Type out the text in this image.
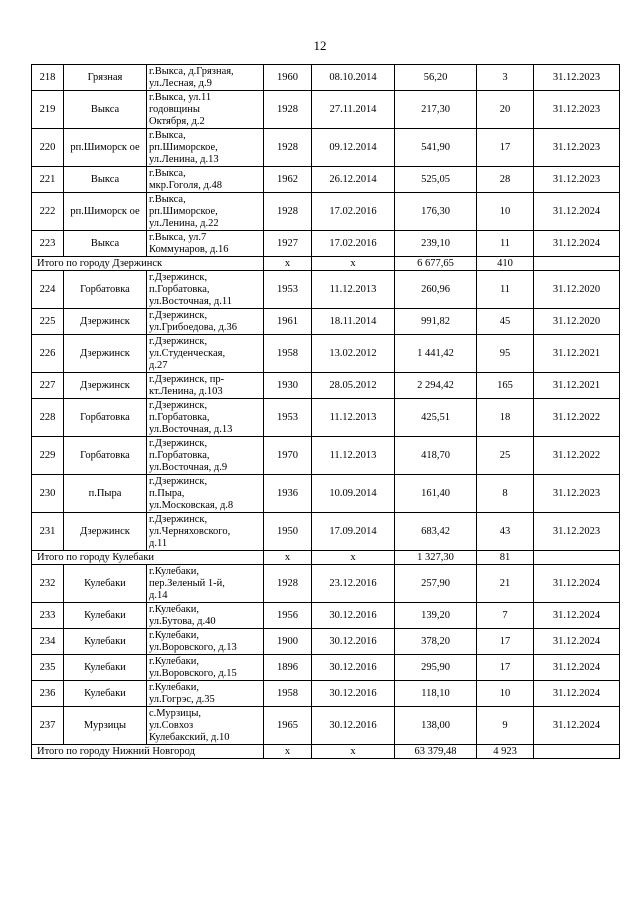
12
218	Грязная	г.Выкса, д.Грязная,
ул.Лесная, д.9	1960	08.10.2014	56,20	3	31.12.2023
219	Выкса	г.Выкса, ул.11
годовщины
Октября, д.2	1928	27.11.2014	217,30	20	31.12.2023
220	рп.Шиморск ое	г.Выкса,
рп.Шиморское,
ул.Ленина, д.13	1928	09.12.2014	541,90	17	31.12.2023
221	Выкса	г.Выкса,
мкр.Гоголя, д.48	1962	26.12.2014	525,05	28	31.12.2023
222	рп.Шиморск ое	г.Выкса,
рп.Шиморское,
ул.Ленина, д.22	1928	17.02.2016	176,30	10	31.12.2024
223	Выкса	г.Выкса, ул.7
Коммунаров, д.16	1927	17.02.2016	239,10	11	31.12.2024
Итого по городу Дзержинск			х	х	6 677,65	410	
224	Горбатовка	г.Дзержинск,
п.Горбатовка,
ул.Восточная, д.11	1953	11.12.2013	260,96	11	31.12.2020
225	Дзержинск	г.Дзержинск,
ул.Грибоедова, д.36	1961	18.11.2014	991,82	45	31.12.2020
226	Дзержинск	г.Дзержинск,
ул.Студенческая,
д.27	1958	13.02.2012	1 441,42	95	31.12.2021
227	Дзержинск	г.Дзержинск, пр-
кт.Ленина, д.103	1930	28.05.2012	2 294,42	165	31.12.2021
228	Горбатовка	г.Дзержинск,
п.Горбатовка,
ул.Восточная, д.13	1953	11.12.2013	425,51	18	31.12.2022
229	Горбатовка	г.Дзержинск,
п.Горбатовка,
ул.Восточная, д.9	1970	11.12.2013	418,70	25	31.12.2022
230	п.Пыра	г.Дзержинск,
п.Пыра,
ул.Московская, д.8	1936	10.09.2014	161,40	8	31.12.2023
231	Дзержинск	г.Дзержинск,
ул.Черняховского,
д.11	1950	17.09.2014	683,42	43	31.12.2023
Итого по городу Кулебаки			х	х	1 327,30	81	
232	Кулебаки	г.Кулебаки,
пер.Зеленый 1-й,
д.14	1928	23.12.2016	257,90	21	31.12.2024
233	Кулебаки	г.Кулебаки,
ул.Бутова, д.40	1956	30.12.2016	139,20	7	31.12.2024
234	Кулебаки	г.Кулебаки,
ул.Воровского, д.13	1900	30.12.2016	378,20	17	31.12.2024
235	Кулебаки	г.Кулебаки,
ул.Воровского, д.15	1896	30.12.2016	295,90	17	31.12.2024
236	Кулебаки	г.Кулебаки,
ул.Гогрэс, д.35	1958	30.12.2016	118,10	10	31.12.2024
237	Мурзицы	с.Мурзицы,
ул.Совхоз
Кулебакский, д.10	1965	30.12.2016	138,00	9	31.12.2024
Итого по городу Нижний Новгород			х	х	63 379,48	4 923	
